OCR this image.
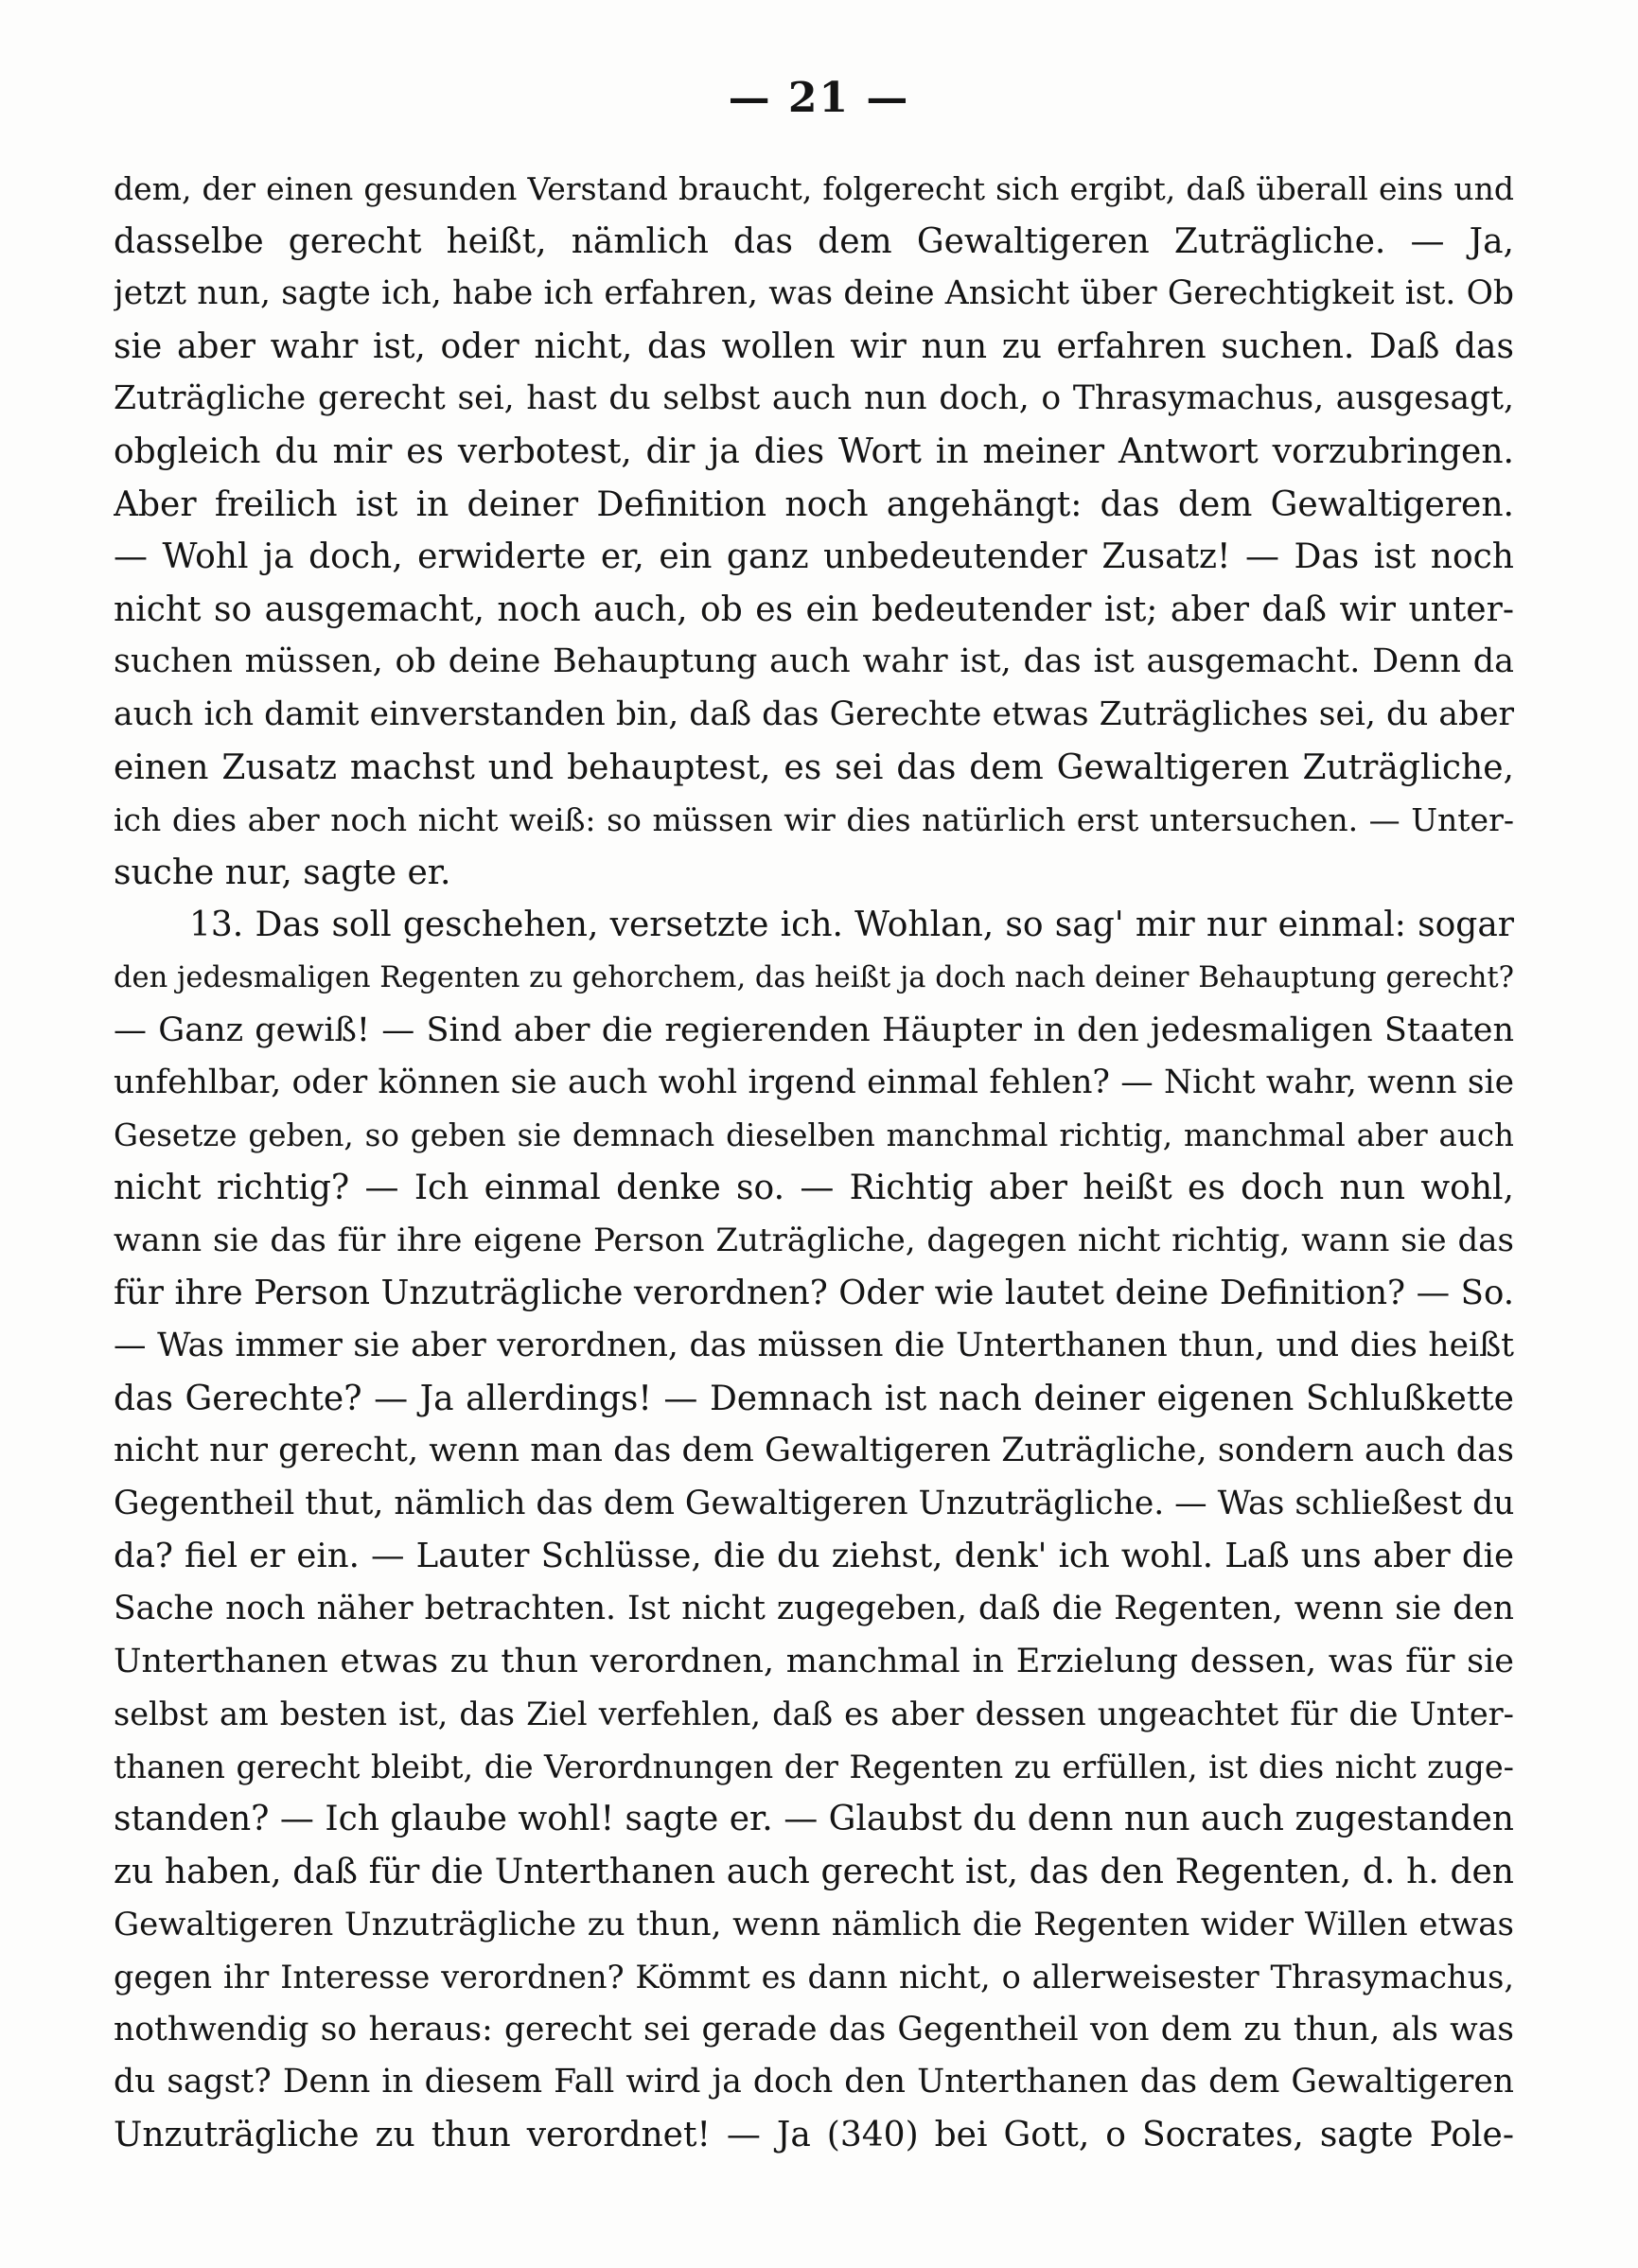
— 21 —
dem, der einen gesunden Verstand braucht, folgerecht sich ergibt, daß überall eins und
dasselbe gerecht heißt, nämlich das dem Gewaltigeren Zuträgliche. — Ja,
jetzt nun, sagte ich, habe ich erfahren, was deine Ansicht über Gerechtigkeit ist. Ob
sie aber wahr ist, oder nicht, das wollen wir nun zu erfahren suchen. Daß das
Zuträgliche gerecht sei, hast du selbst auch nun doch, o Thrasymachus, ausgesagt,
obgleich du mir es verbotest, dir ja dies Wort in meiner Antwort vorzubringen.
Aber freilich ist in deiner Definition noch angehängt: das dem Gewaltigeren.
— Wohl ja doch, erwiderte er, ein ganz unbedeutender Zusatz! — Das ist noch
nicht so ausgemacht, noch auch, ob es ein bedeutender ist; aber daß wir unter-
suchen müssen, ob deine Behauptung auch wahr ist, das ist ausgemacht. Denn da
auch ich damit einverstanden bin, daß das Gerechte etwas Zuträgliches sei, du aber
einen Zusatz machst und behauptest, es sei das dem Gewaltigeren Zuträgliche,
ich dies aber noch nicht weiß: so müssen wir dies natürlich erst untersuchen. — Unter-
suche nur, sagte er.
13. Das soll geschehen, versetzte ich. Wohlan, so sag' mir nur einmal: sogar
den jedesmaligen Regenten zu gehorchem, das heißt ja doch nach deiner Behauptung gerecht?
— Ganz gewiß! — Sind aber die regierenden Häupter in den jedesmaligen Staaten
unfehlbar, oder können sie auch wohl irgend einmal fehlen? — Nicht wahr, wenn sie
Gesetze geben, so geben sie demnach dieselben manchmal richtig, manchmal aber auch
nicht richtig? — Ich einmal denke so. — Richtig aber heißt es doch nun wohl,
wann sie das für ihre eigene Person Zuträgliche, dagegen nicht richtig, wann sie das
für ihre Person Unzuträgliche verordnen? Oder wie lautet deine Definition? — So.
— Was immer sie aber verordnen, das müssen die Unterthanen thun, und dies heißt
das Gerechte? — Ja allerdings! — Demnach ist nach deiner eigenen Schlußkette
nicht nur gerecht, wenn man das dem Gewaltigeren Zuträgliche, sondern auch das
Gegentheil thut, nämlich das dem Gewaltigeren Unzuträgliche. — Was schließest du
da? fiel er ein. — Lauter Schlüsse, die du ziehst, denk' ich wohl. Laß uns aber die
Sache noch näher betrachten. Ist nicht zugegeben, daß die Regenten, wenn sie den
Unterthanen etwas zu thun verordnen, manchmal in Erzielung dessen, was für sie
selbst am besten ist, das Ziel verfehlen, daß es aber dessen ungeachtet für die Unter-
thanen gerecht bleibt, die Verordnungen der Regenten zu erfüllen, ist dies nicht zuge-
standen? — Ich glaube wohl! sagte er. — Glaubst du denn nun auch zugestanden
zu haben, daß für die Unterthanen auch gerecht ist, das den Regenten, d. h. den
Gewaltigeren Unzuträgliche zu thun, wenn nämlich die Regenten wider Willen etwas
gegen ihr Interesse verordnen? Kömmt es dann nicht, o allerweisester Thrasymachus,
nothwendig so heraus: gerecht sei gerade das Gegentheil von dem zu thun, als was
du sagst? Denn in diesem Fall wird ja doch den Unterthanen das dem Gewaltigeren
Unzuträgliche zu thun verordnet! — Ja (340) bei Gott, o Socrates, sagte Pole-
